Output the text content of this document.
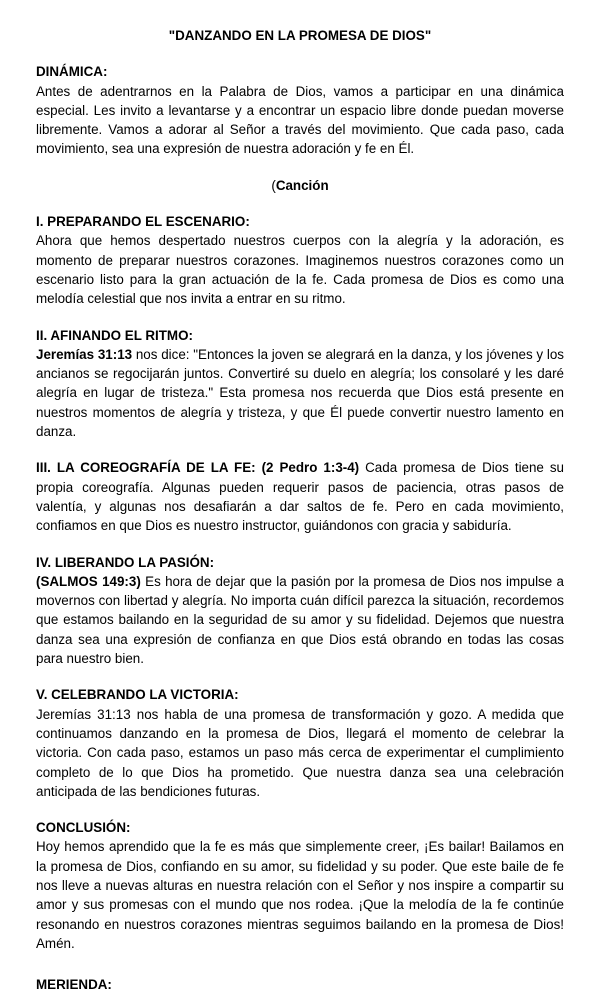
"DANZANDO EN LA PROMESA DE DIOS"
DINÁMICA:

Antes de adentrarnos en la Palabra de Dios, vamos a participar en una dinámica especial. Les invito a levantarse y a encontrar un espacio libre donde puedan moverse libremente. Vamos a adorar al Señor a través del movimiento. Que cada paso, cada movimiento, sea una expresión de nuestra adoración y fe en Él.

(Canción
I. PREPARANDO EL ESCENARIO:

Ahora que hemos despertado nuestros cuerpos con la alegría y la adoración, es momento de preparar nuestros corazones. Imaginemos nuestros corazones como un escenario listo para la gran actuación de la fe. Cada promesa de Dios es como una melodía celestial que nos invita a entrar en su ritmo.

II. AFINANDO EL RITMO:

Jeremías 31:13 nos dice: "Entonces la joven se alegrará en la danza, y los jóvenes y los ancianos se regocijarán juntos. Convertiré su duelo en alegría; los consolaré y les daré alegría en lugar de tristeza." Esta promesa nos recuerda que Dios está presente en nuestros momentos de alegría y tristeza, y que Él puede convertir nuestro lamento en danza.

III. LA COREOGRAFÍA DE LA FE: (2 Pedro 1:3-4) Cada promesa de Dios tiene su propia coreografía. Algunas pueden requerir pasos de paciencia, otras pasos de valentía, y algunas nos desafiarán a dar saltos de fe. Pero en cada movimiento, confiamos en que Dios es nuestro instructor, guiándonos con gracia y sabiduría.

IV. LIBERANDO LA PASIÓN:

(SALMOS 149:3) Es hora de dejar que la pasión por la promesa de Dios nos impulse a movernos con libertad y alegría. No importa cuán difícil parezca la situación, recordemos que estamos bailando en la seguridad de su amor y su fidelidad. Dejemos que nuestra danza sea una expresión de confianza en que Dios está obrando en todas las cosas para nuestro bien.

V. CELEBRANDO LA VICTORIA:

Jeremías 31:13 nos habla de una promesa de transformación y gozo. A medida que continuamos danzando en la promesa de Dios, llegará el momento de celebrar la victoria. Con cada paso, estamos un paso más cerca de experimentar el cumplimiento completo de lo que Dios ha prometido. Que nuestra danza sea una celebración anticipada de las bendiciones futuras.

CONCLUSIÓN:

Hoy hemos aprendido que la fe es más que simplemente creer, ¡Es bailar! Bailamos en la promesa de Dios, confiando en su amor, su fidelidad y su poder. Que este baile de fe nos lleve a nuevas alturas en nuestra relación con el Señor y nos inspire a compartir su amor y sus promesas con el mundo que nos rodea. ¡Que la melodía de la fe continúe resonando en nuestros corazones mientras seguimos bailando en la promesa de Dios! Amén.

MERIENDA:
